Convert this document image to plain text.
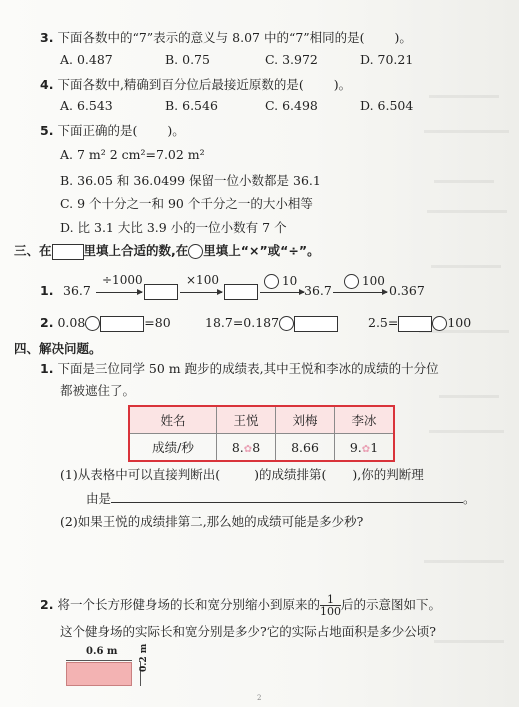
3. 下面各数中的“7”表示的意义与 8.07 中的“7”相同的是( )。
A. 0.487	B. 0.75	C. 3.972	D. 70.21
4. 下面各数中,精确到百分位后最接近原数的是( )。
A. 6.543	B. 6.546	C. 6.498	D. 6.504
5. 下面正确的是( )。
A. 7 m² 2 cm²=7.02 m²
B. 36.05 和 36.0499 保留一位小数都是 36.1
C. 9 个十分之一和 90 个千分之一的大小相等
D. 比 3.1 大比 3.9 小的一位小数有 7 个
三、在	里填上合适的数,在 里填上“×”或“÷”。
1. 36.7
÷1000	×100	10
36.7
100
0.367
2. 0.08	=80	18.7=0.187	2.5=	100
四、解决问题。
1. 下面是三位同学 50 m 跑步的成绩表,其中王悦和李冰的成绩的十分位
都被遮住了。
姓名	王悦	刘梅	李冰
成绩/秒	8.✿8	8.66	9.✿1
(1)从表格中可以直接判断出(	)的成绩排第( ),你的判断理
由是	。
(2)如果王悦的成绩排第二,那么她的成绩可能是多少秒?
2. 将一个长方形健身场的长和宽分别缩小到原来的 $\frac{1}{100}$ 后的示意图如下。
这个健身场的实际长和宽分别是多少?它的实际占地面积是多少公顷?
0.6 m 0.2 m
2
